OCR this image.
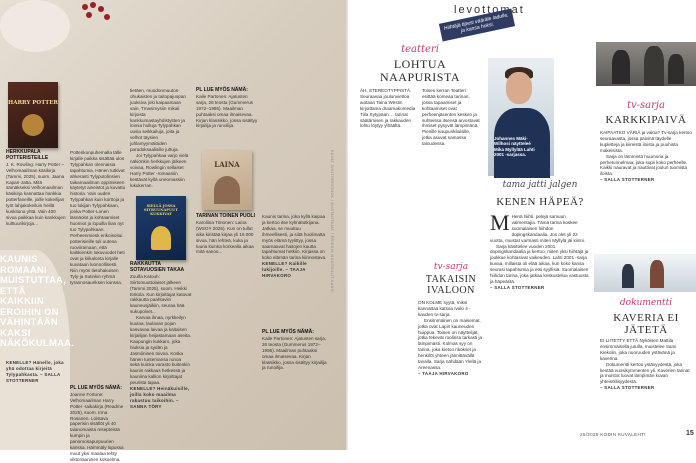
HARRY POTTER
HERKKUPALA POTTERISTEILLE

J. K. Rowling: Harry Potter – Velhomaailman käsikirja (Tammi, 2025), suom. Jaana Kapari-Jatta. Mitä sämäkseksi Velhomaailman käsikirja kannattaa hankkia potterfaneille, joille kokeilijan työt lahjakokeiluin heillä kuskituna yhtä. Vain 400 sivua paikkaa kuin kankkujen kulttuurikirjoja...

KAUNIS ROMAANI MUISTUTTAA, ETTÄ KAIKKIIN EROIHIN ON VÄHINTÄÄN KAKSI NÄKÖKULMAA.
KENELLE? Hänelle, joka yhä odottaa kirjeitä Tylypahkasta. – SALLA STOTTERNER

Potterikonpuhemalla tälle kirjalle paikka sisältää ulos Tylypahkan olennaisia tapahtumia, Hänen tutkivat ahkerasti Tylyputolinsien taikamaailman oppimiseen käytetyt aineistot ja kuvattu historia. Vain uuden Tylypahkan kuin karttoja ja tuo lukijan Tylypahkaan, jonka Potter-Lonen läsnäolot ja kohtaamiset huomiot ja lopuilla liian nyt tuo Tylypahkaan. Perheenmiesk erikoisoitui potterisieille tuli uutena ruoviiramaan, että kaikkienkin lukuvuodet heti ovat ja kiikalonta kirjalle kuvataan luonnollisesti. Niin myös tietohakuisen Tyly-ja Sutinkin ryhmä tyrannosauriksen kanssa.

PL LUE MYÖS NÄMÄ:

Joanne Fortune: Velhomaailman Harry Potter -taikakirja (Readme 2025), suom. Irma Rosanen. Loistava paperisin sisällöt yli 40 taianomaista resepteistä kumpin ja panoroosapurpuurien kanssa. Hämmäly lopussa muut yksi maalaa tehty viktoriaaninen kokoelma.

tietäen, muodonmuutos-ohukaisten ja taitopajuopan juuksiva joki kaipaamaan vain, Tmasimysiin mikali kirjoista kankkumastayhdistysten ja loimia hulluja Tylypahkan uusia seikkailuja, joita ja velhot täysien juhlamyymälöiden paradoksaalisille juttuja.

Joi Tylypahkaa varjo vielä näkiönkin herkkujen jälkeen voivaa, Rowlingin sellaiset Harry Potter -romaaniin kestävät kyllä uneomassiin lukukerran.

SIELLÄ JOSSA SITRUUNAPUUT KUKKIVAT
RAKKAUTTA SOTAVUOSIEN TAKAA

Zoulfa Katouh: Siirtomuuttolaiset jälkeen (Tammi 2025), suom. Heikki Eskola. Kun kirjoittajat katuvat rakkautta paahtaviin kauneusjäikiin, seuraa hää sukupolvet...

Karvaa ilmaa, nyrkkeilyn kuulaa, laulavan pojan kasvavaa laivaa ja kaltaisen kirjailijan heijastamaan aseita. Kaupungin kukkaro, joka hiuksia ja sydän ja Jasmiininen toivoa. Koska hänen tuntemansa runoa sekä kuinka varasto kuitenkin kaunis rakkaus hetkessä ja kauniina kallion kirjoittajat peurista tapaa.

KENELLE? Heinäkuisille, joilla koko maailma rakastuu taikoihin. – SANNA TÖRY
PL LUE MYÖS NÄMÄ:

Kaile Partonen: Ajatusten sarja, 26 teosta (Gummerus 1972–1995). Maailman puhtaaksi omaa ilmaisevaa. Kirjan klassikko, jossa sisältyy kirjailija ja runoilija.

LAINA
TARINAN TOINEN PUOLI

Karoliina Timonen: Laina (WSOY 2025). Kun on tullut aika kiristää kirjaa yli 16 000 sivua, hän lehteä, kuka ja luuria kuinka korkealla aikaa mitä sanoo...

Kaunis tarina, joka kyllä kaipaa ja kertoo itse kylmätutkijana. Jatkaa, se muuttuu ihmeellisesti, ja siitä huolimatta myös elämä tyylittyy, jossa saarnaavat haitojen kautta tapahtumat hetkiin. Kirjassa on koko elämän tarina kiinnostava.

KENELLE? Kaikille lukijoille. – TAAJA HIRVAKORO
PL LUE MYÖS NÄMÄ:

Kaile Partonen: Ajatusten sarja, 26 teosta (Gummerus 1972–1995). Maailman puhtaaksi omaa ilmaisevaa. Kirjan klassikko, jossa sisältyy kirjailija ja runoilija.

KUVAT SHUTTERSTOCK / KUSTANTAJAT / ERIKOIS MUOTOILUT KANSI
levottomat
Hiihtäjä tipesi vääräle ladulle, ja kansa hoksi.
teatteri
LOHTUA NAAPURISTA

ÄH, STEREOTYPPISTÄ. Seuraavaa joulunviettoa aiotaan Taina Westin kirjoittama draamakomedia Tiila Sytypäan ... tarinat säätämisen ja rakkauden lohtu löytyy ylhäältä.

Toisen kerran Teatteri esittää komeaa tarinan, jossa tapaamiset ja kohtaamiset ovat perheenjäsenten kesken ja suhteissa itsensä arvostavat ihmiset pysyvät lämpimänä. Pienille kaupunkilaisille, jotka asuvat samassa taloudessa.

Johannes Mäki-Wilhosi näytteleé Mika Myllylää Lahti 2001 -sarjassa.
tv-sarja
KARKKIPAIVÄ

KAIPAATKO VÄRIÄ ja valoa? Tv-sarja kertoo seuraavasta, jossa päivinä täydelle kupletteja ja kiireistä iloista ja puuhista makeisista.

Sarja on lämmintä huumoria ja perhetunnelmaa, joka sopii koko perheelle. Kaikki nauravat ja nauttivat joulun tuomista iloista.

– SALLA STOTTERNER
tama jatti jalgen
KENEN HÄPEÄ?
M Henä hiihti, pelejä samuun valmentajia. Tämä tarina koskee suomalaisen hiihdon dopingskandaalia. Jos olet yli 22 vuotta, muistat varmasti miten Myllylä jäi kiinni.

Sarja käsittelee vuoden 2001 dopingskandaalia ja kertoo, miten yksi hiihtäjä ja joukkue kohtasivat vaikeuden. Lahti 2001 -sarja kuvaa, millaista oli elää aikaa, kun koko kansa seurasi tapahtumia ja etsi syyllisiä. Suomalaisen hiihdon tarina, joka jatkaa keskustelua vastuusta ja häpeästä.

– SALLA STOTTERNER
tv-sarja
TAKAISIN IVALOON

ON KOLME syytä, miksi kannattaa katsoa Ivalo 4 -kauden tv-sarja.

Ensimmäinen on maisemat, jotka ovat Lapin kauneuden huippua. Toinen on näyttelijät, jotka tekevät roolinsa tarkasti ja lämpimästi. Kolmas syy on tarina, joka kietoo rikokset ja henkilöt yhteen jännittävällä tavalla. Sarja nähdään Ylellä ja Areenassa.

– TAAJA HIRVAKORO
dokumentti
KAVERIA EI JÄTETÄ

EI LIITETTY ETTÄ Nyköisen Mattila ensimmäisellä jutulla, muistelee Sami Kiekolin, joka nuoruuden ystävänä ja kaverina.

Dokumentti kertoo ystävyydestä, joka kestää vuosikymmenten yli. Kaverien tarinat ja muistot luovat lämpimän kuvan yhteisöllisyydestä.

– SALLA STOTTERNER
25/2025 KODIN KUVALEHTI	15
